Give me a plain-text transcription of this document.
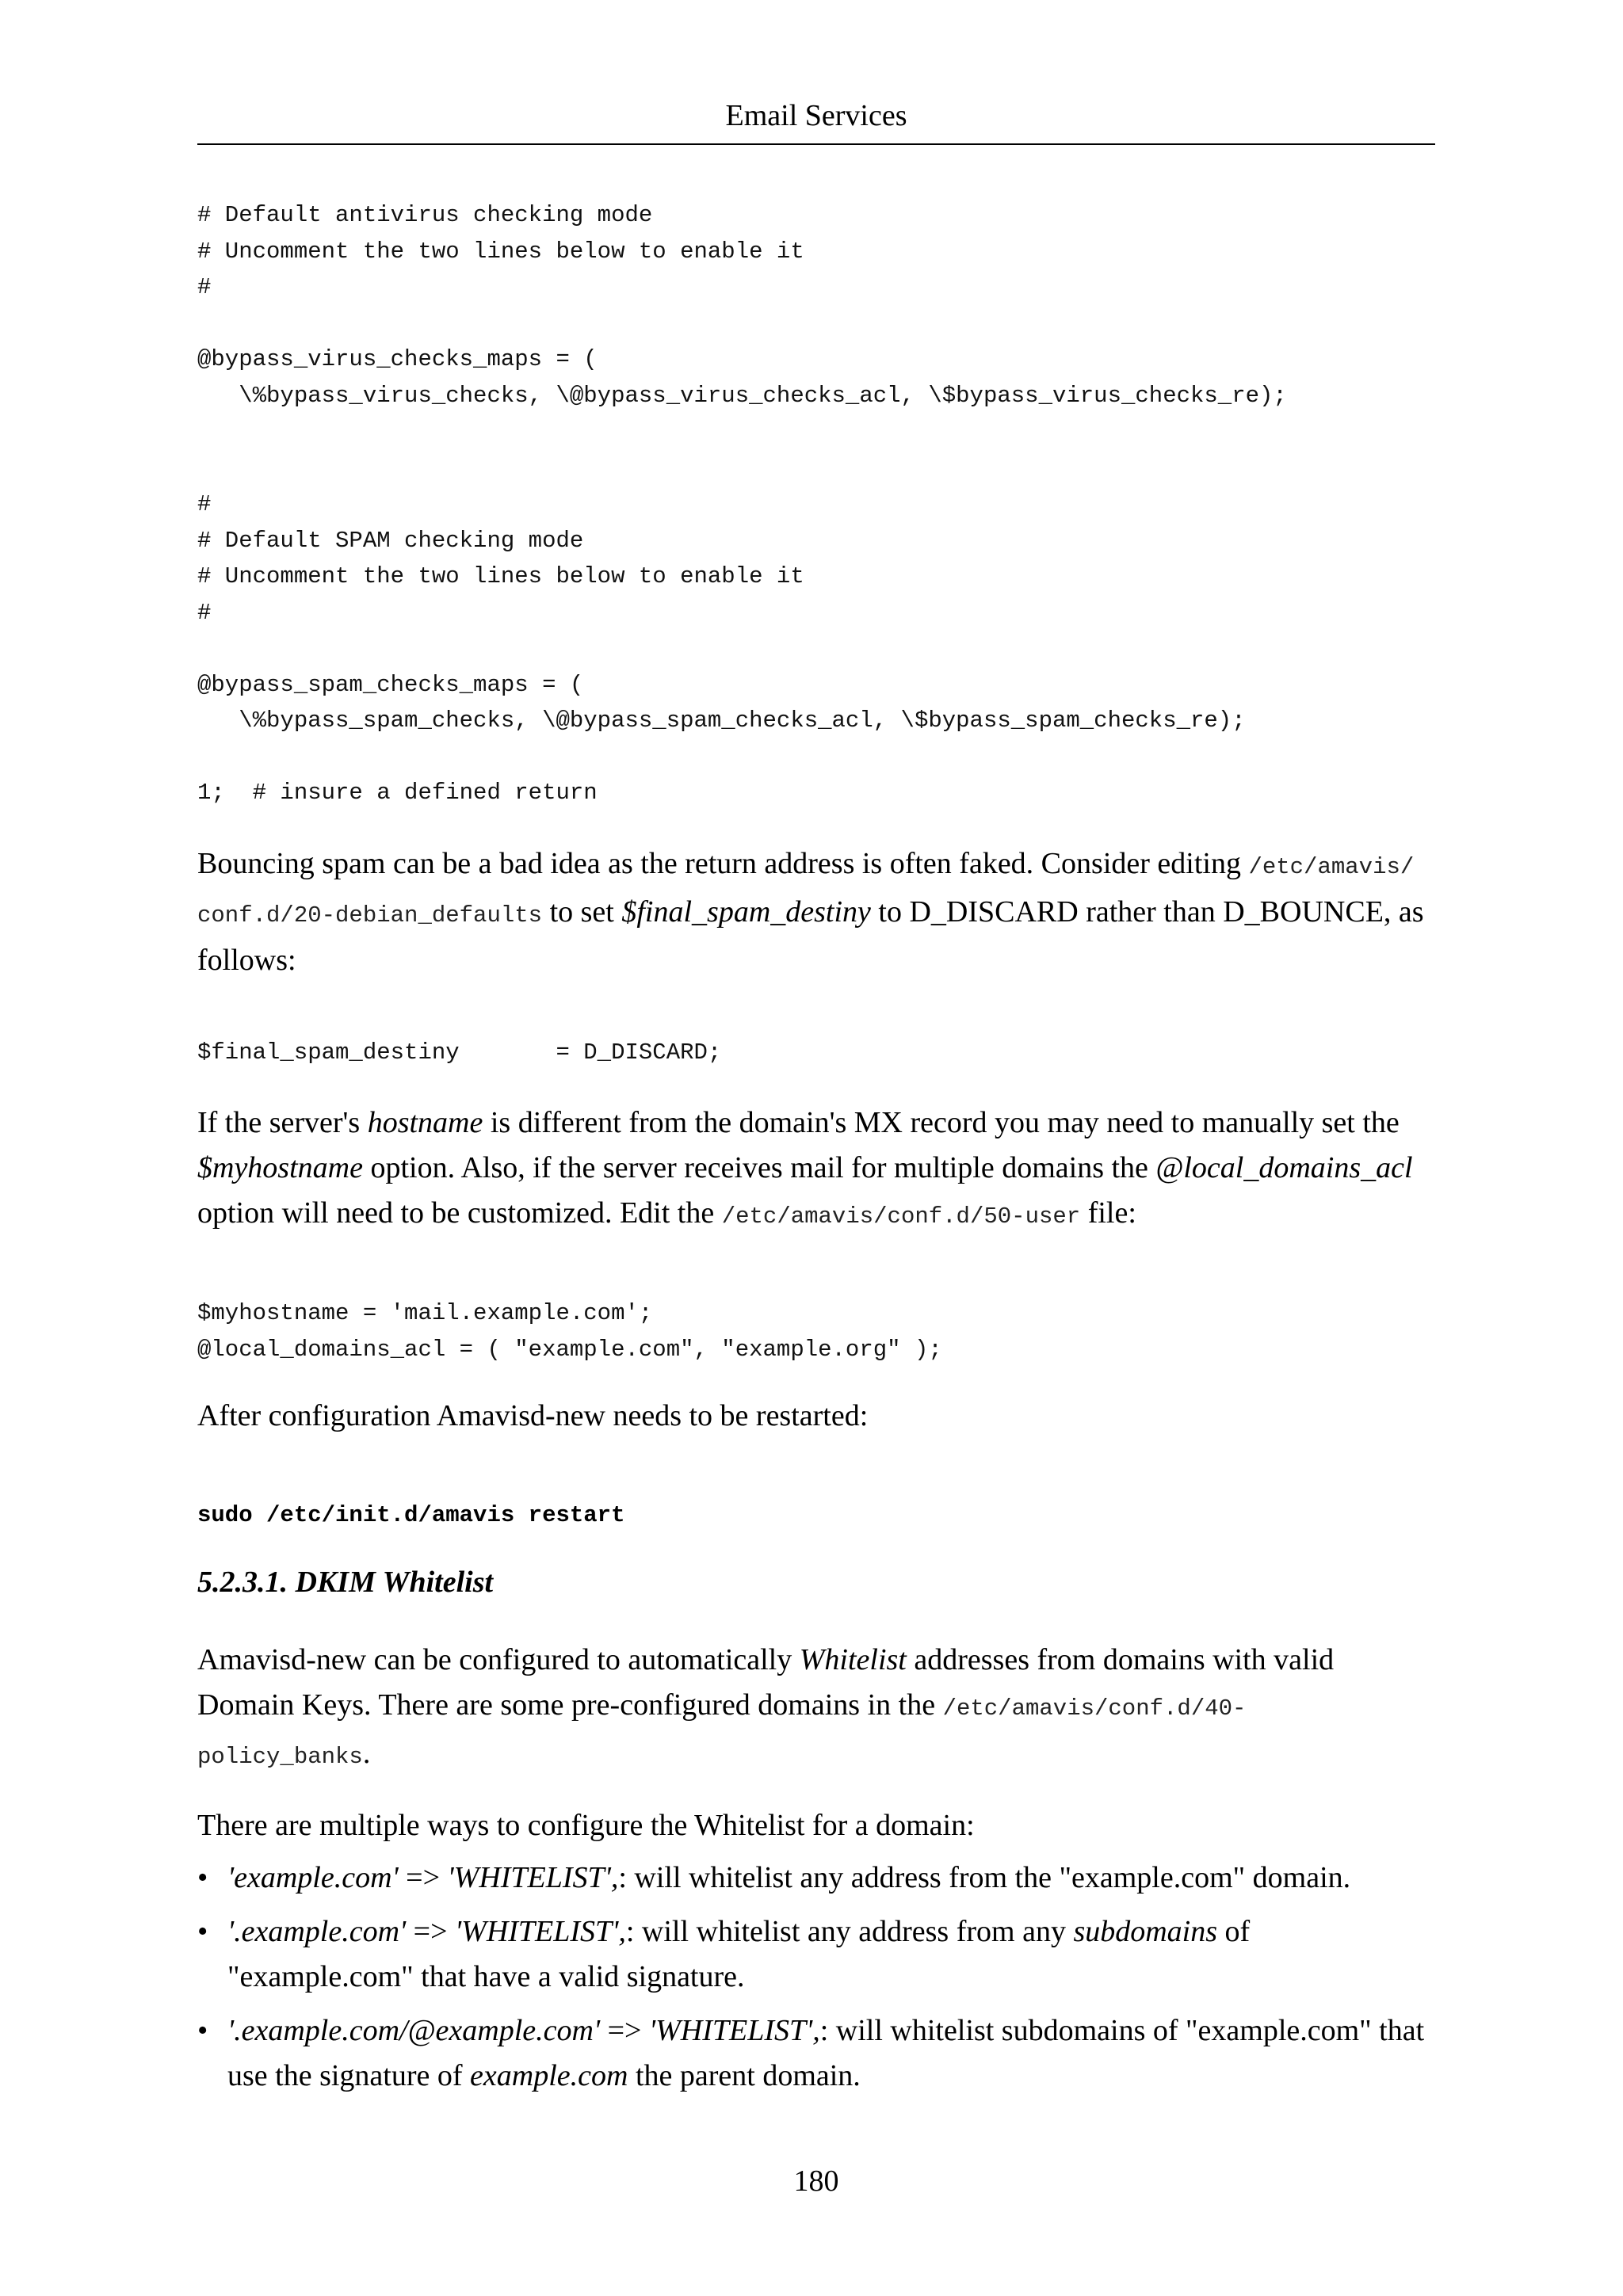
Email Services
# Default antivirus checking mode
# Uncomment the two lines below to enable it
#

@bypass_virus_checks_maps = (
\%bypass_virus_checks, \@bypass_virus_checks_acl, \$bypass_virus_checks_re);
#
# Default SPAM checking mode
# Uncomment the two lines below to enable it
#

@bypass_spam_checks_maps = (
\%bypass_spam_checks, \@bypass_spam_checks_acl, \$bypass_spam_checks_re);

1;  # insure a defined return

Bouncing spam can be a bad idea as the return address is often faked. Consider editing /etc/amavis/ conf.d/20-debian_defaults to set $final_spam_destiny to D_DISCARD rather than D_BOUNCE, as follows:

$final_spam_destiny       = D_DISCARD;

If the server's hostname is different from the domain's MX record you may need to manually set the $myhostname option. Also, if the server receives mail for multiple domains the @local_domains_acl option will need to be customized. Edit the /etc/amavis/conf.d/50-user file:

$myhostname = 'mail.example.com';
@local_domains_acl = ( "example.com", "example.org" );

After configuration Amavisd-new needs to be restarted:

sudo /etc/init.d/amavis restart
5.2.3.1. DKIM Whitelist

Amavisd-new can be configured to automatically Whitelist addresses from domains with valid Domain Keys. There are some pre-configured domains in the /etc/amavis/conf.d/40- policy_banks.

There are multiple ways to configure the Whitelist for a domain:

• 'example.com' => 'WHITELIST',: will whitelist any address from the "example.com" domain.
• '.example.com' => 'WHITELIST',: will whitelist any address from any subdomains of "example.com" that have a valid signature.
• '.example.com/@example.com' => 'WHITELIST',: will whitelist subdomains of "example.com" that use the signature of example.com the parent domain.
180
